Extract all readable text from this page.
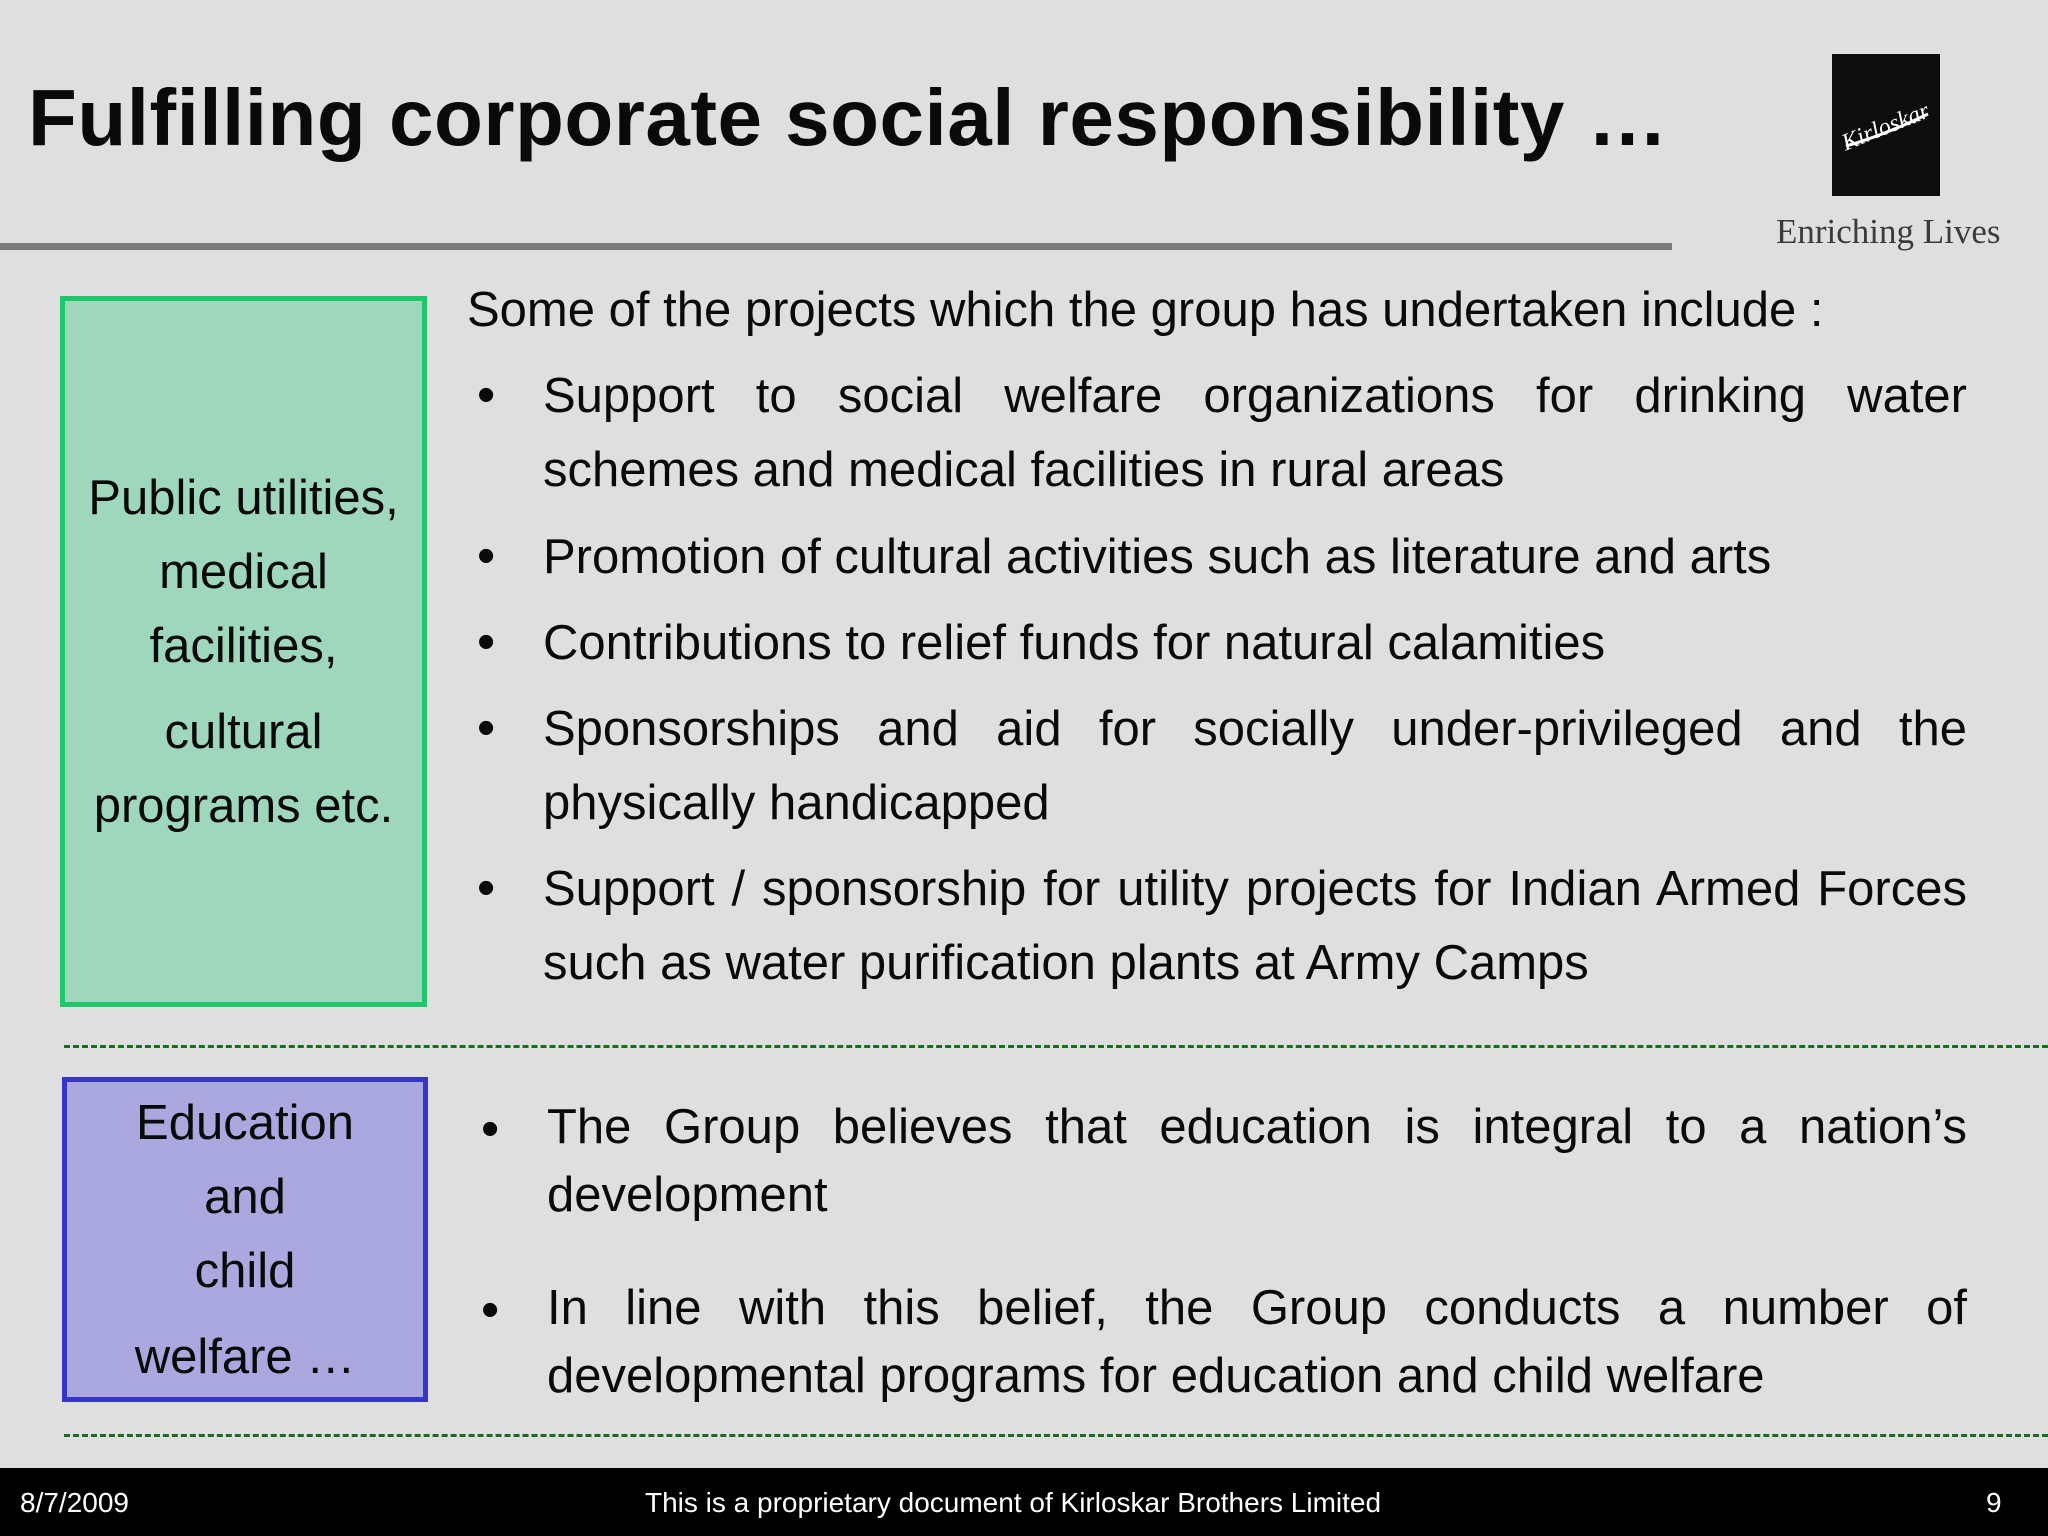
Fulfilling corporate social responsibility …	Kirloskar
Enriching Lives
Public utilities,
medical
facilities,
cultural
programs etc.
Some of the projects which the group has undertaken include :
• Support to social welfare organizations for drinking water schemes and medical facilities in rural areas
• Promotion of cultural activities such as literature and arts
• Contributions to relief funds for natural calamities
• Sponsorships and aid for socially under-privileged and the physically handicapped
• Support / sponsorship for utility projects for Indian Armed Forces such as water purification plants at Army Camps
Education
and
child
welfare …
• The Group believes that education is integral to a nation’s development
• In line with this belief, the Group conducts a number of developmental programs for education and child welfare
8/7/2009	This is a proprietary document of Kirloskar Brothers Limited	9
